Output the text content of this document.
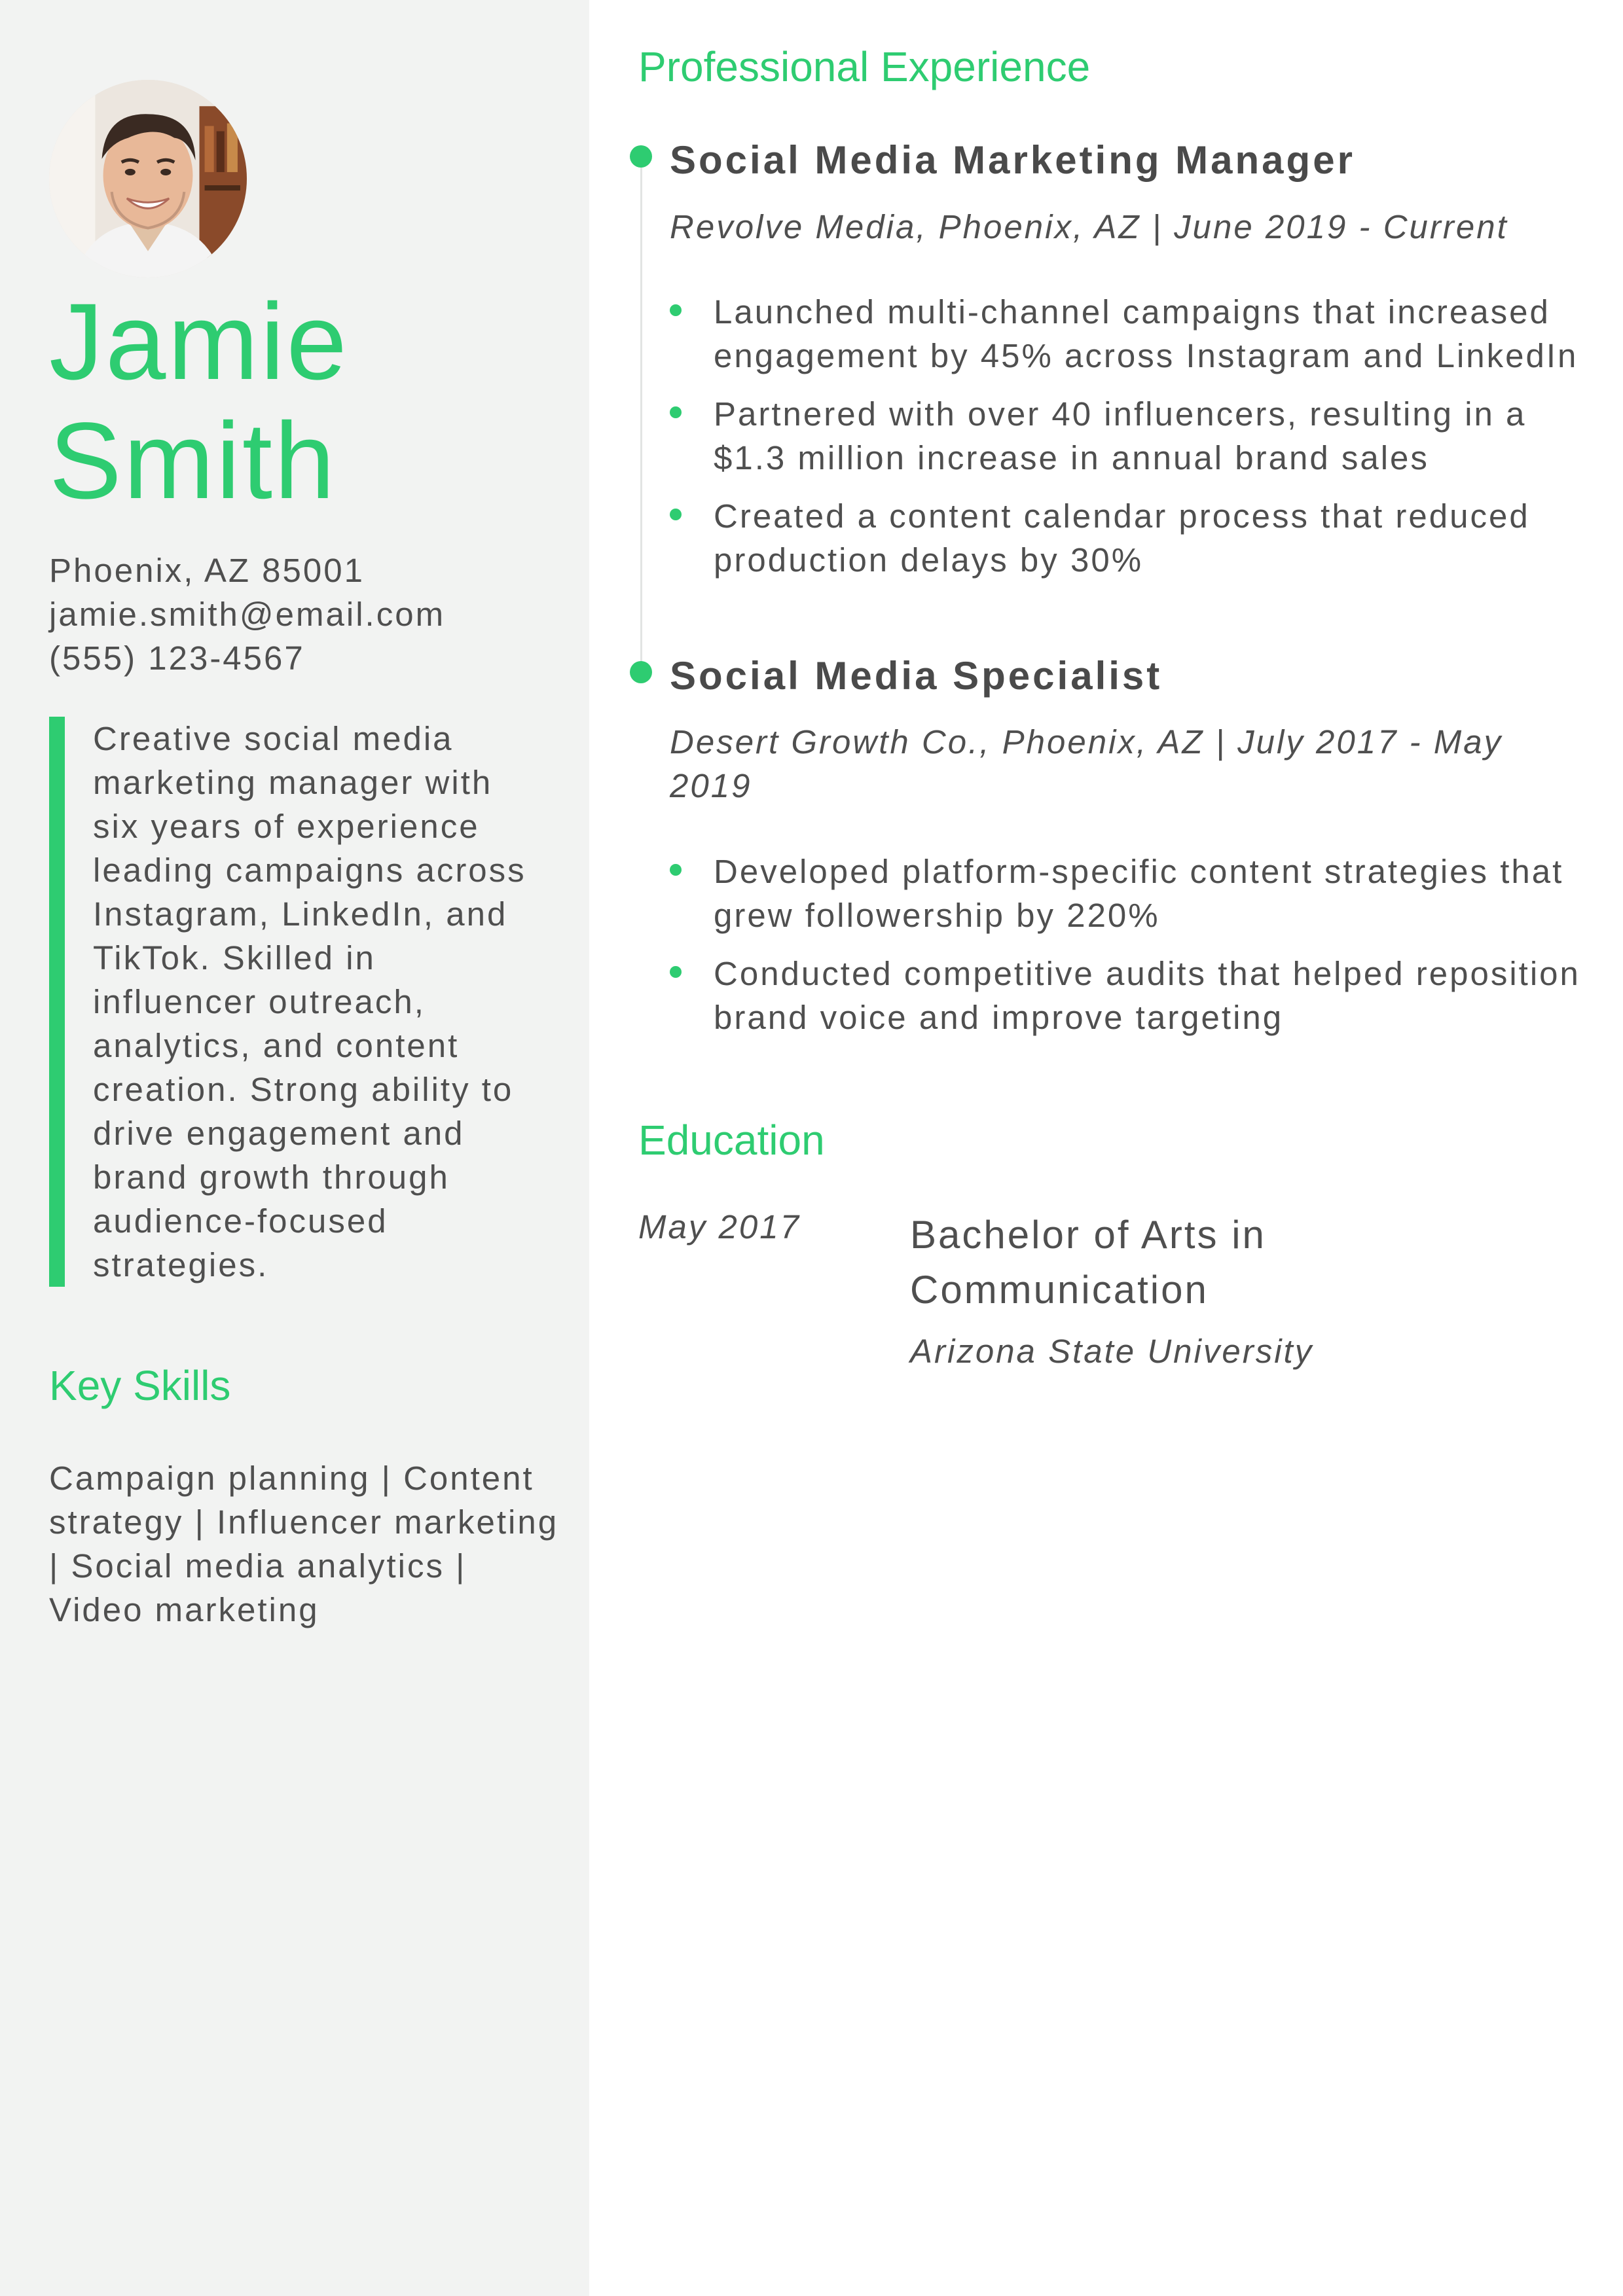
Jamie
Smith
Phoenix, AZ 85001
jamie.smith@email.com
(555) 123-4567
Creative social media marketing manager with six years of experience leading campaigns across Instagram, LinkedIn, and TikTok. Skilled in influencer outreach, analytics, and content creation. Strong ability to drive engagement and brand growth through audience-focused strategies.
Key Skills
Campaign planning | Content strategy | Influencer marketing | Social media analytics | Video marketing
Professional Experience
Social Media Marketing Manager
Revolve Media, Phoenix, AZ | June 2019 - Current
Launched multi-channel campaigns that increased engagement by 45% across Instagram and LinkedIn
Partnered with over 40 influencers, resulting in a $1.3 million increase in annual brand sales
Created a content calendar process that reduced production delays by 30%
Social Media Specialist
Desert Growth Co., Phoenix, AZ | July 2017 - May 2019
Developed platform-specific content strategies that grew followership by 220%
Conducted competitive audits that helped reposition brand voice and improve targeting
Education
May 2017	Bachelor of Arts in Communication
Arizona State University
